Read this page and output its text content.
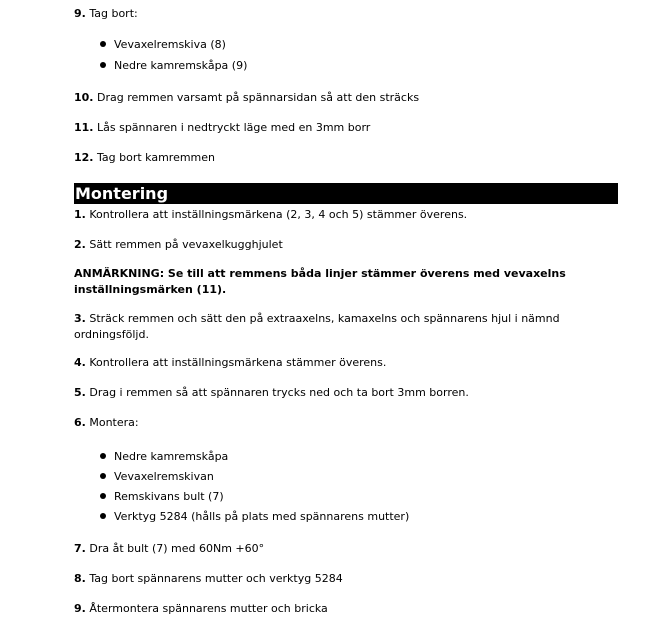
9. Tag bort:
Vevaxelremskiva (8)
Nedre kamremskåpa (9)
10. Drag remmen varsamt på spännarsidan så att den sträcks
11. Lås spännaren i nedtryckt läge med en 3mm borr
12. Tag bort kamremmen
Montering
1. Kontrollera att inställningsmärkena (2, 3, 4 och 5) stämmer överens.
2. Sätt remmen på vevaxelkugghjulet
ANMÄRKNING: Se till att remmens båda linjer stämmer överens med vevaxelns inställningsmärken (11).
3. Sträck remmen och sätt den på extraaxelns, kamaxelns och spännarens hjul i nämnd ordningsföljd.
4. Kontrollera att inställningsmärkena stämmer överens.
5. Drag i remmen så att spännaren trycks ned och ta bort 3mm borren.
6. Montera:
Nedre kamremskåpa
Vevaxelremskivan
Remskivans bult (7)
Verktyg 5284 (hålls på plats med spännarens mutter)
7. Dra åt bult (7) med 60Nm +60°
8. Tag bort spännarens mutter och verktyg 5284
9. Återmontera spännarens mutter och bricka
